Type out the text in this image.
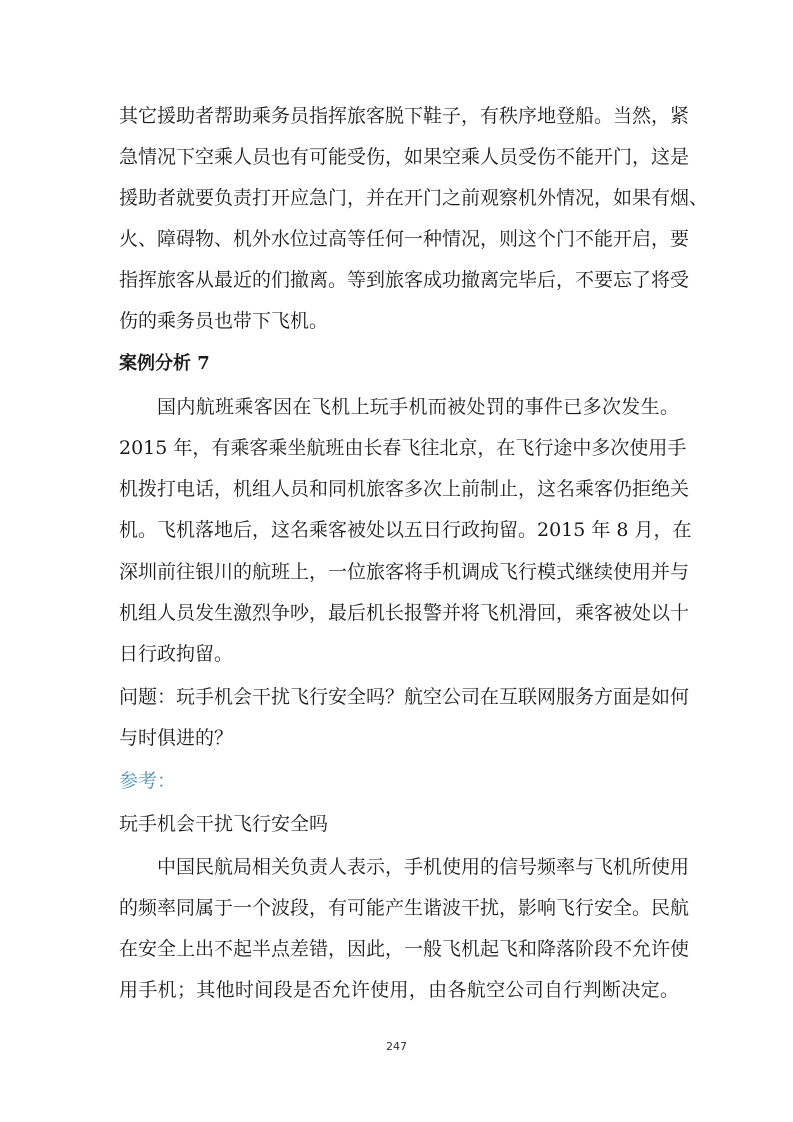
其它援助者帮助乘务员指挥旅客脱下鞋子，有秩序地登船。当然，紧
急情况下空乘人员也有可能受伤，如果空乘人员受伤不能开门，这是
援助者就要负责打开应急门，并在开门之前观察机外情况，如果有烟、
火、障碍物、机外水位过高等任何一种情况，则这个门不能开启，要
指挥旅客从最近的们撤离。等到旅客成功撤离完毕后，不要忘了将受
伤的乘务员也带下飞机。
案例分析 7
国内航班乘客因在飞机上玩手机而被处罚的事件已多次发生。
2015 年，有乘客乘坐航班由长春飞往北京，在飞行途中多次使用手
机拨打电话，机组人员和同机旅客多次上前制止，这名乘客仍拒绝关
机。飞机落地后，这名乘客被处以五日行政拘留。2015 年 8 月，在
深圳前往银川的航班上，一位旅客将手机调成飞行模式继续使用并与
机组人员发生激烈争吵，最后机长报警并将飞机滑回，乘客被处以十
日行政拘留。
问题：玩手机会干扰飞行安全吗？航空公司在互联网服务方面是如何
与时俱进的？
参考：
玩手机会干扰飞行安全吗
中国民航局相关负责人表示，手机使用的信号频率与飞机所使用
的频率同属于一个波段，有可能产生谐波干扰，影响飞行安全。民航
在安全上出不起半点差错，因此，一般飞机起飞和降落阶段不允许使
用手机；其他时间段是否允许使用，由各航空公司自行判断决定。
247
